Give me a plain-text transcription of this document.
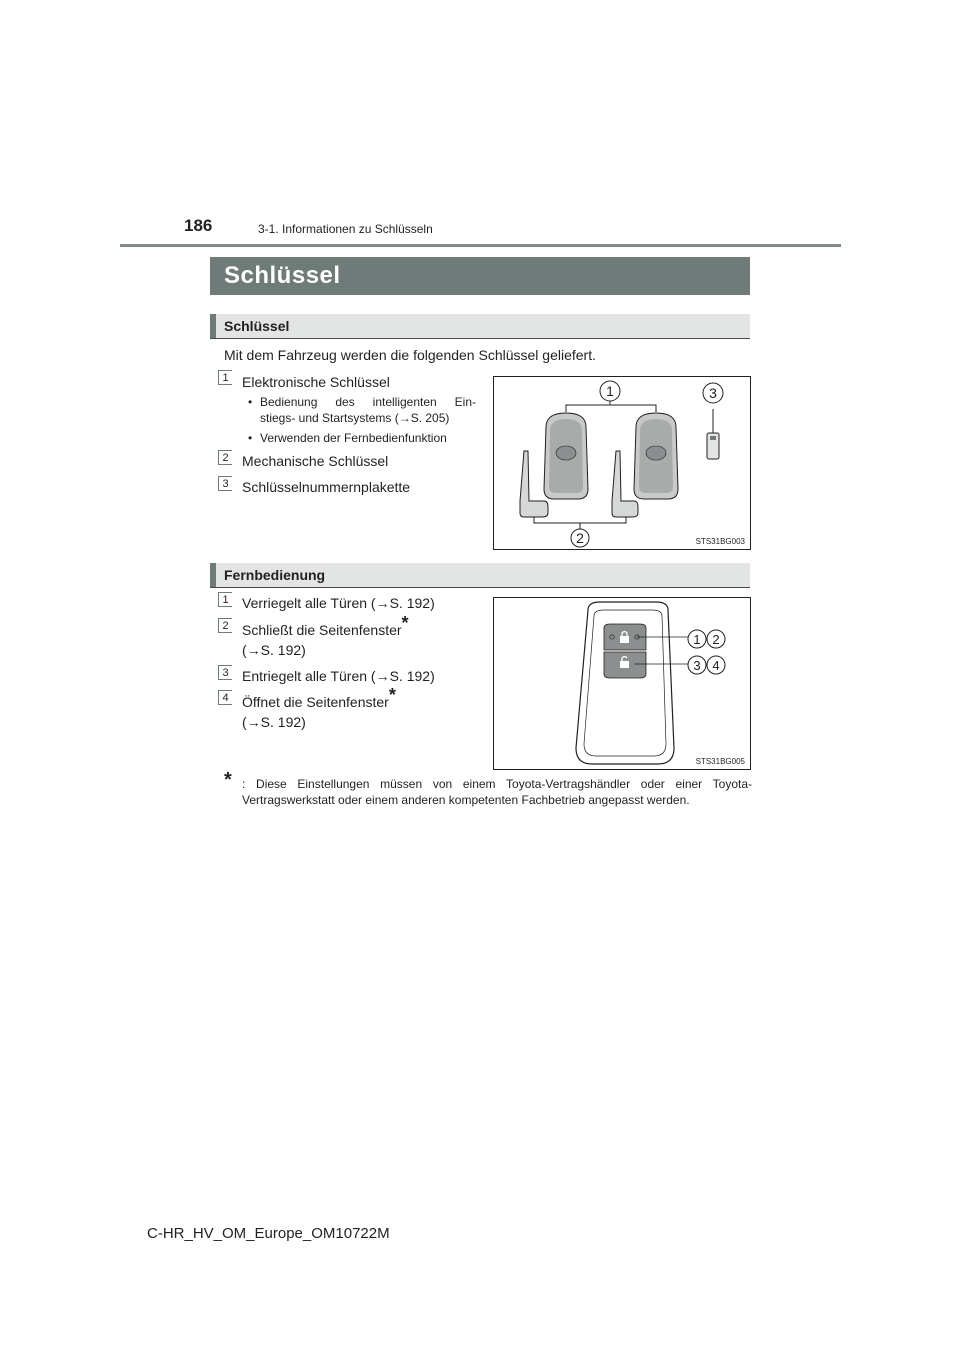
186	3-1. Informationen zu Schlüsseln
Schlüssel
Schlüssel
Mit dem Fahrzeug werden die folgenden Schlüssel geliefert.
1 Elektronische Schlüssel
• Bedienung des intelligenten Ein-
stiegs- und Startsystems (→S. 205)
• Verwenden der Fernbedienfunktion
2 Mechanische Schlüssel
3 Schlüsselnummernplakette
1	3
2	STS31BG003
Fernbedienung
1 Verriegelt alle Türen (→S. 192)
2 Schließt die Seitenfenster*
(→S. 192)
3 Entriegelt alle Türen (→S. 192)
4 Öffnet die Seitenfenster*
(→S. 192)
1 2
3 4
STS31BG005
* : Diese Einstellungen müssen von einem Toyota-Vertragshändler oder einer Toyota-Vertragswerkstatt oder einem anderen kompetenten Fachbetrieb angepasst werden.
C-HR_HV_OM_Europe_OM10722M
